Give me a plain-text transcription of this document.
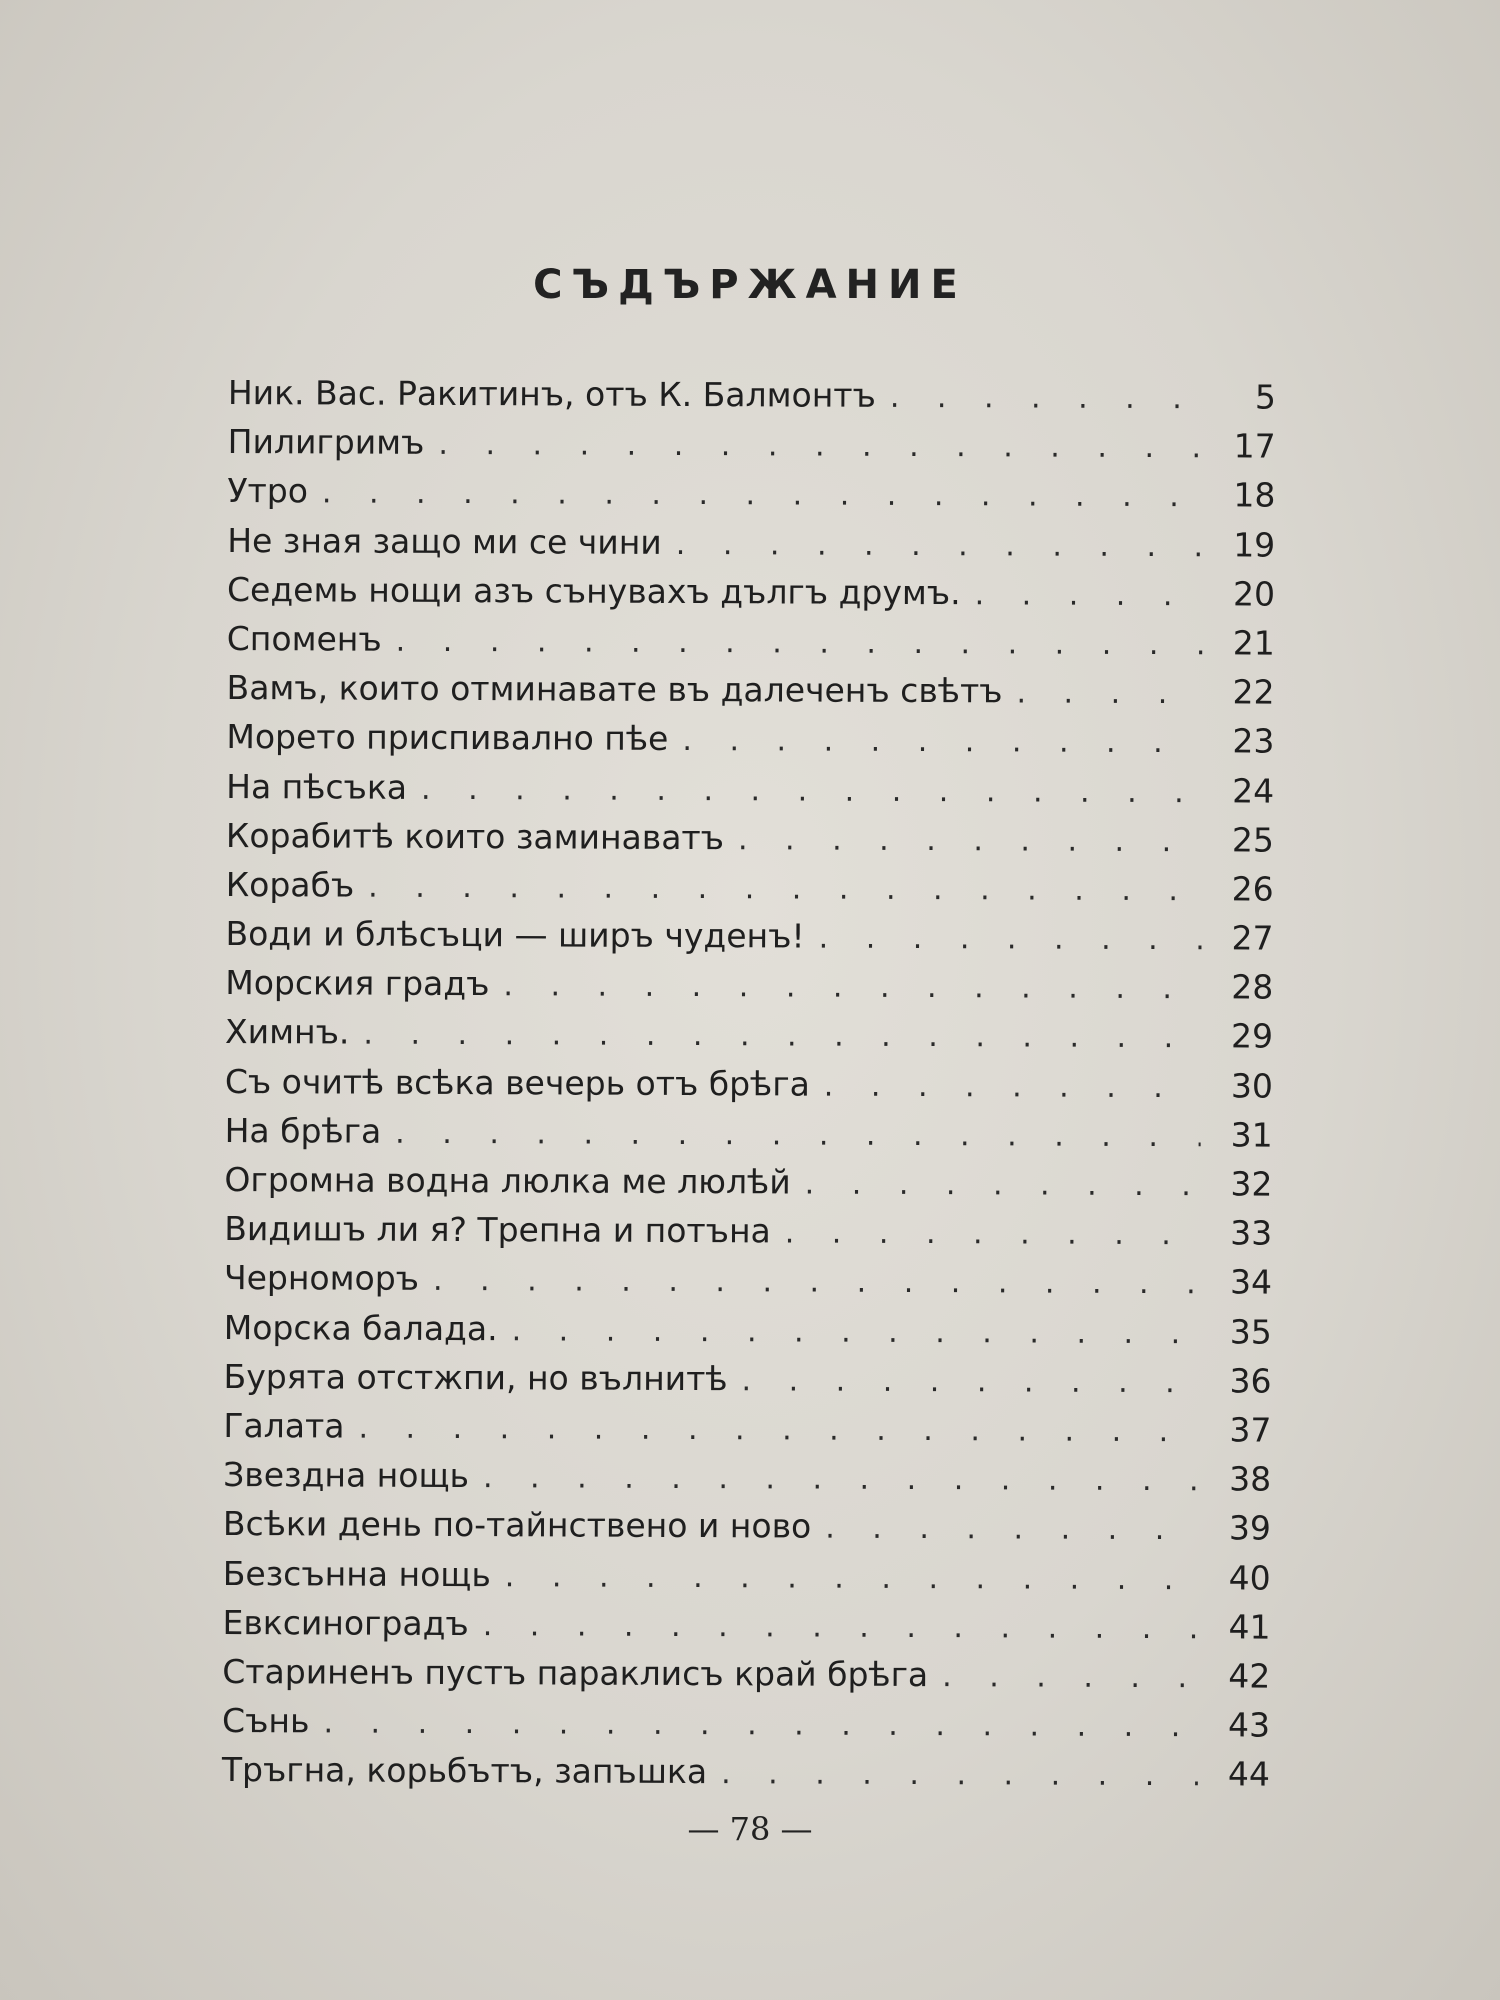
СЪДЪРЖАНИЕ
Ник. Вас. Ракитинъ, отъ К. Балмонтъ . . .	5
Пилигримъ . . .	17
Утро . . .	18
Не зная защо ми се чини . . .	19
Седемь нощи азъ сънувахъ дългъ друмъ. . . .	20
Споменъ . . .	21
Вамъ, които отминавате въ далеченъ свѣтъ . . .	22
Морето приспивално пѣе . . .	23
На пѣсъка . . .	24
Корабитѣ които заминаватъ . . .	25
Корабъ . . .	26
Води и блѣсъци — ширъ чуденъ! . . .	27
Морския градъ . . .	28
Химнъ. . . .	29
Съ очитѣ всѣка вечерь отъ брѣга . . .	30
На брѣга . . .	31
Огромна водна люлка ме люлѣй . . .	32
Видишъ ли я? Трепна и потъна . . .	33
Черноморъ . . .	34
Морска балада. . . .	35
Бурята отстжпи, но вълнитѣ . . .	36
Галата . . .	37
Звездна нощь . . .	38
Всѣки день по-тайнствено и ново . . .	39
Безсънна нощь . . .	40
Евксиноградъ . . .	41
Стариненъ пустъ параклисъ край брѣга . . .	42
Сънь . . .	43
Тръгна, корьбътъ, запъшка . . .	44
— 78 —
